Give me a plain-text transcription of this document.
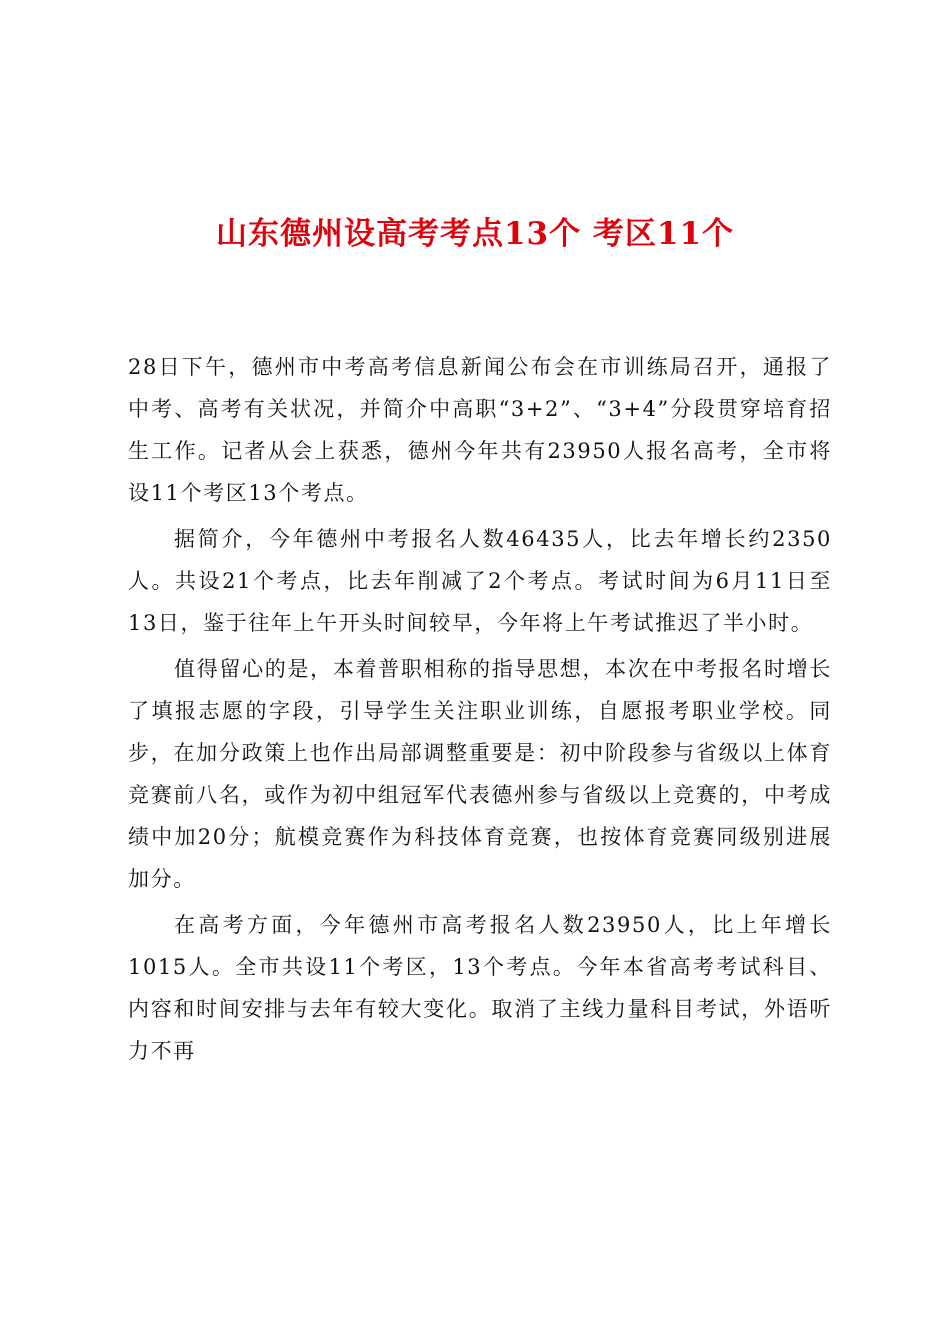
山东德州设高考考点13个 考区11个

28日下午，德州市中考高考信息新闻公布会在市训练局召开，通报了中考、高考有关状况，并简介中高职“3+2”、“3+4”分段贯穿培育招生工作。记者从会上获悉，德州今年共有23950人报名高考，全市将设11个考区13个考点。

据简介，今年德州中考报名人数46435人，比去年增长约2350人。共设21个考点，比去年削减了2个考点。考试时间为6月11日至13日，鉴于往年上午开头时间较早，今年将上午考试推迟了半小时。

值得留心的是，本着普职相称的指导思想，本次在中考报名时增长了填报志愿的字段，引导学生关注职业训练，自愿报考职业学校。同步，在加分政策上也作出局部调整重要是：初中阶段参与省级以上体育竞赛前八名，或作为初中组冠军代表德州参与省级以上竞赛的，中考成绩中加20分；航模竞赛作为科技体育竞赛，也按体育竞赛同级别进展加分。

在高考方面，今年德州市高考报名人数23950人，比上年增长1015人。全市共设11个考区，13个考点。今年本省高考考试科目、内容和时间安排与去年有较大变化。取消了主线力量科目考试，外语听力不再
